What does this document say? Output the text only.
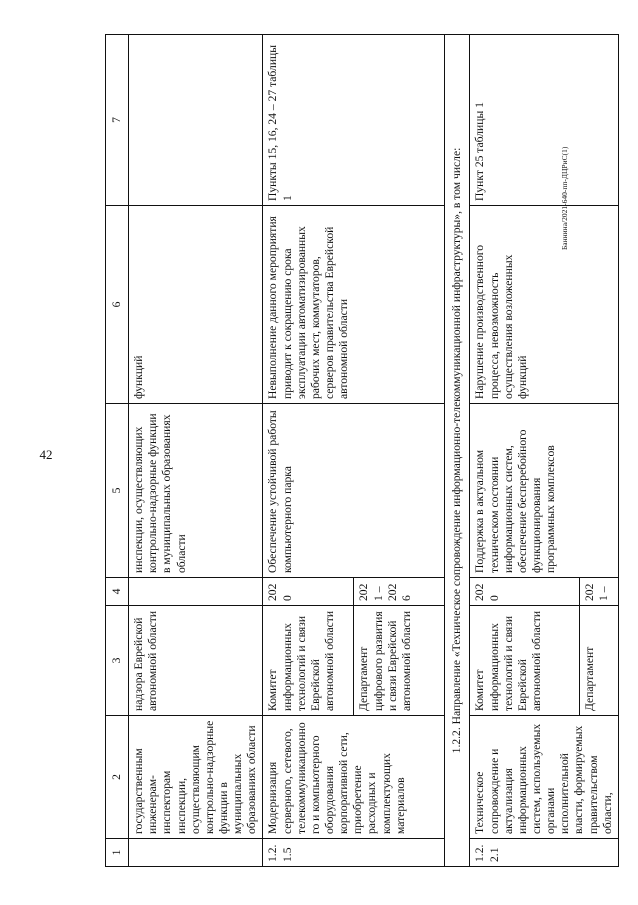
42
Баннина/2021-640-пп-ДЦРиС(1)
1	2	3	4	5	6	7
	государственным инженерам-инспекторам инспекции, осуществляющим контрольно-надзорные функции в муниципальных образованиях области	надзора Еврейской автономной области		инспекции, осуществляющих контрольно-надзорные функции в муниципальных образованиях области	функций	
1.2.1.5	Модернизация серверного, сетевого, телекоммуникационного и компьютерного оборудования корпоративной сети, приобретение расходных и комплектующих материалов	Комитет информационных технологий и связи Еврейской автономной области	2020	Обеспечение устойчивой работы компьютерного парка	Невыполнение данного мероприятия приводит к сокращению срока эксплуатации автоматизированных рабочих мест, коммутаторов, серверов правительства Еврейской автономной области	Пункты 15, 16, 24 – 27 таблицы 1
		Департамент цифрового развития и связи Еврейской автономной области	2021 – 2026			
1.2.2. Направление «Техническое сопровождение информационно-телекоммуникационной инфраструктуры», в том числе:						
1.2.2.1	Техническое сопровождение и актуализация информационных систем, используемых органами исполнительной власти, формируемых правительством области,	Комитет информационных технологий и связи Еврейской автономной области	2020	Поддержка в актуальном техническом состоянии информационных систем, обеспечение бесперебойного функционирования программных комплексов	Нарушение производственного процесса, невозможность осуществления возложенных функций	Пункт 25 таблицы 1
		Департамент	2021 –			
